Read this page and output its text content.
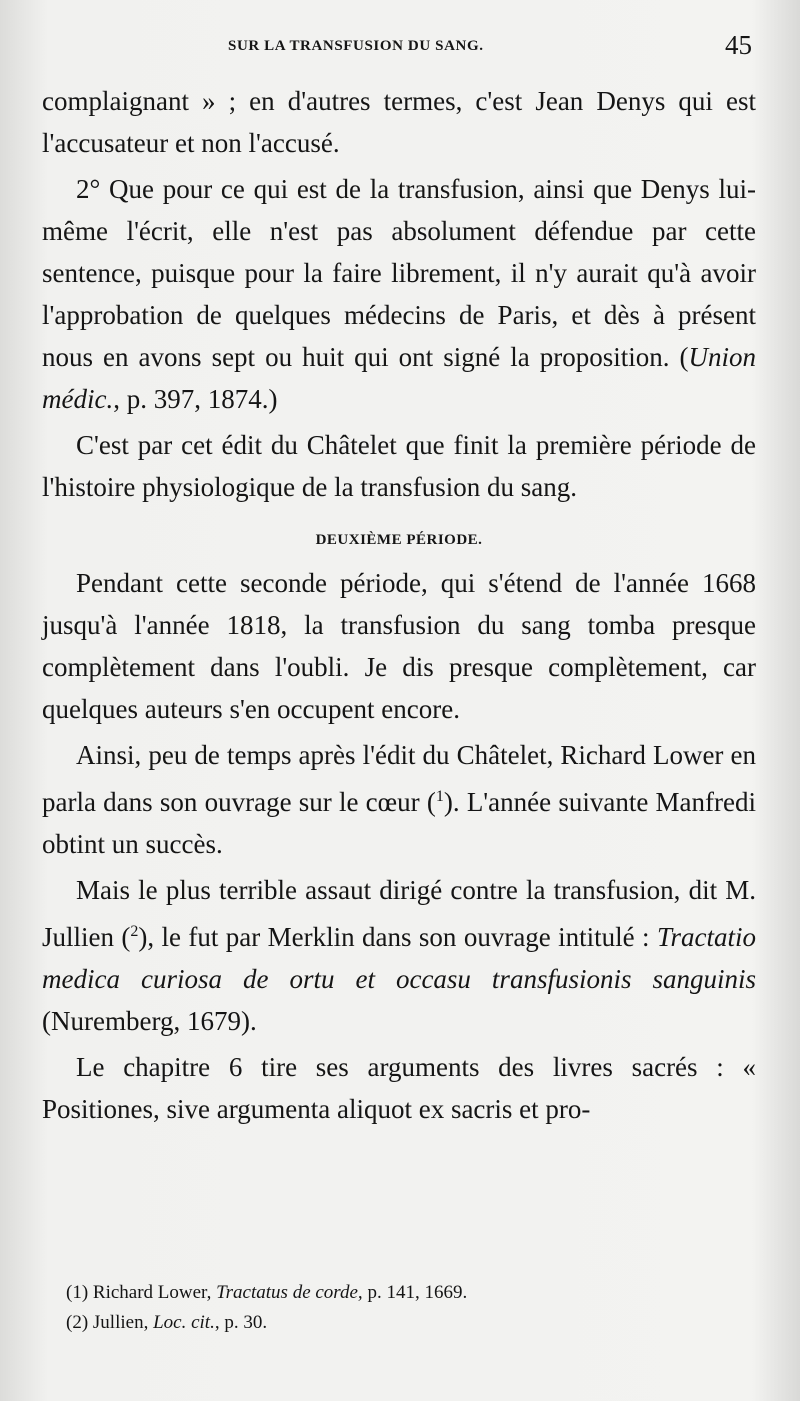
SUR LA TRANSFUSION DU SANG.	45

complaignant » ; en d'autres termes, c'est Jean Denys qui est l'accusateur et non l'accusé.

2° Que pour ce qui est de la transfusion, ainsi que Denys lui-même l'écrit, elle n'est pas absolument défendue par cette sentence, puisque pour la faire librement, il n'y aurait qu'à avoir l'approbation de quelques médecins de Paris, et dès à présent nous en avons sept ou huit qui ont signé la proposition. (Union médic., p. 397, 1874.)

C'est par cet édit du Châtelet que finit la première période de l'histoire physiologique de la transfusion du sang.

DEUXIÈME PÉRIODE.

Pendant cette seconde période, qui s'étend de l'année 1668 jusqu'à l'année 1818, la transfusion du sang tomba presque complètement dans l'oubli. Je dis presque complètement, car quelques auteurs s'en occupent encore.

Ainsi, peu de temps après l'édit du Châtelet, Richard Lower en parla dans son ouvrage sur le cœur ($^1$). L'année suivante Manfredi obtint un succès.

Mais le plus terrible assaut dirigé contre la transfusion, dit M. Jullien ($^2$), le fut par Merklin dans son ouvrage intitulé : Tractatio medica curiosa de ortu et occasu transfusionis sanguinis (Nuremberg, 1679).

Le chapitre 6 tire ses arguments des livres sacrés : « Positiones, sive argumenta aliquot ex sacris et pro-

(1) Richard Lower, Tractatus de corde, p. 141, 1669.
(2) Jullien, Loc. cit., p. 30.
